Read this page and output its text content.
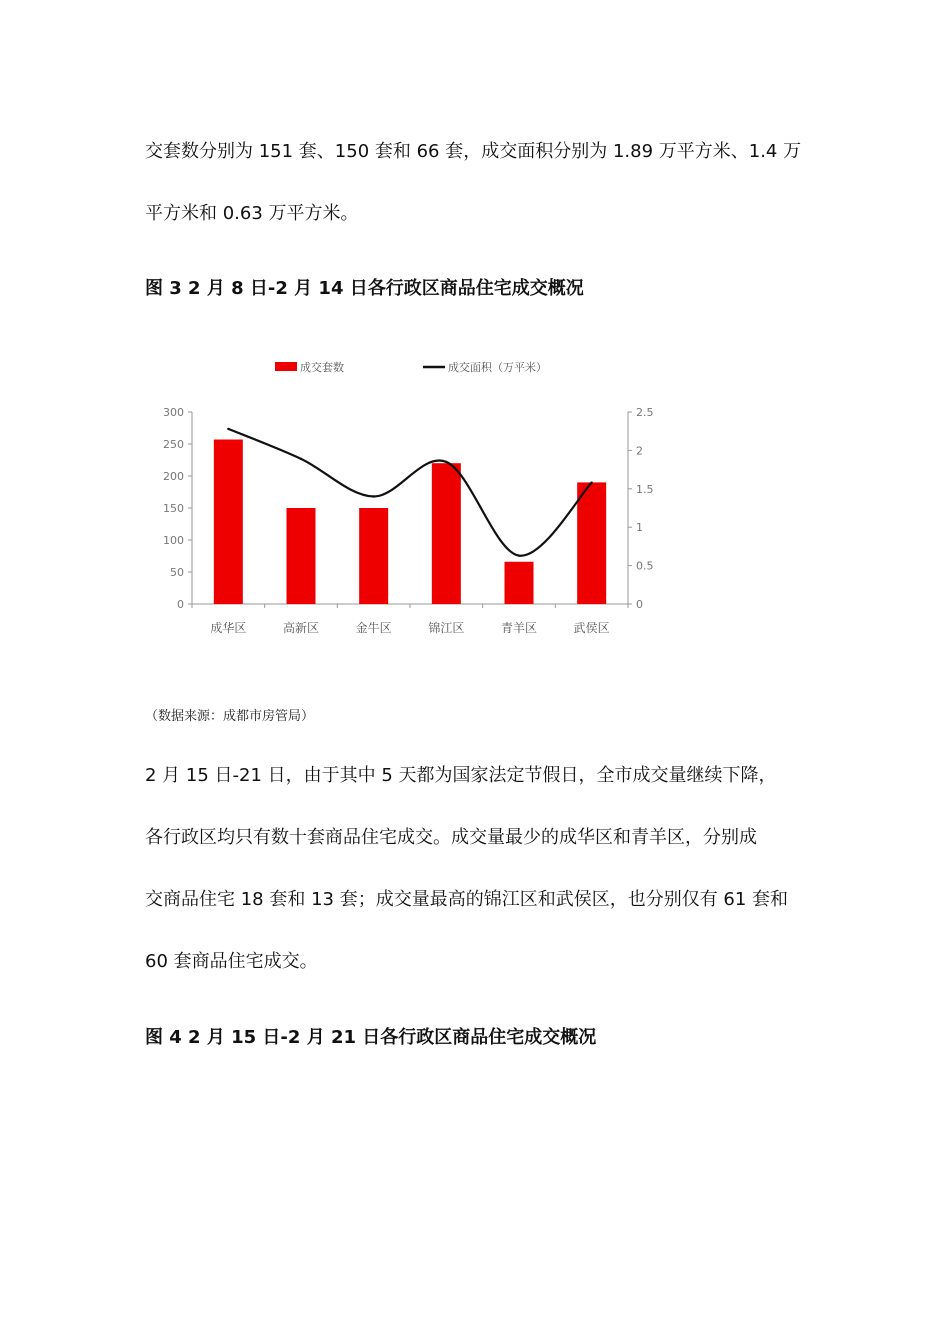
交套数分别为 151 套、150 套和 66 套，成交面积分别为 1.89 万平方米、1.4 万
平方米和 0.63 万平方米。
图 3 2 月 8 日-2 月 14 日各行政区商品住宅成交概况
0
50
100
150
200
250
300
0
0.5
1
1.5
2
2.5
成华区	高新区	金牛区	锦江区	青羊区	武侯区
成交套数	成交面积（万平米）
（数据来源：成都市房管局）
2 月 15 日-21 日，由于其中 5 天都为国家法定节假日，全市成交量继续下降，
各行政区均只有数十套商品住宅成交。成交量最少的成华区和青羊区，分别成
交商品住宅 18 套和 13 套；成交量最高的锦江区和武侯区，也分别仅有 61 套和
60 套商品住宅成交。
图 4 2 月 15 日-2 月 21 日各行政区商品住宅成交概况
